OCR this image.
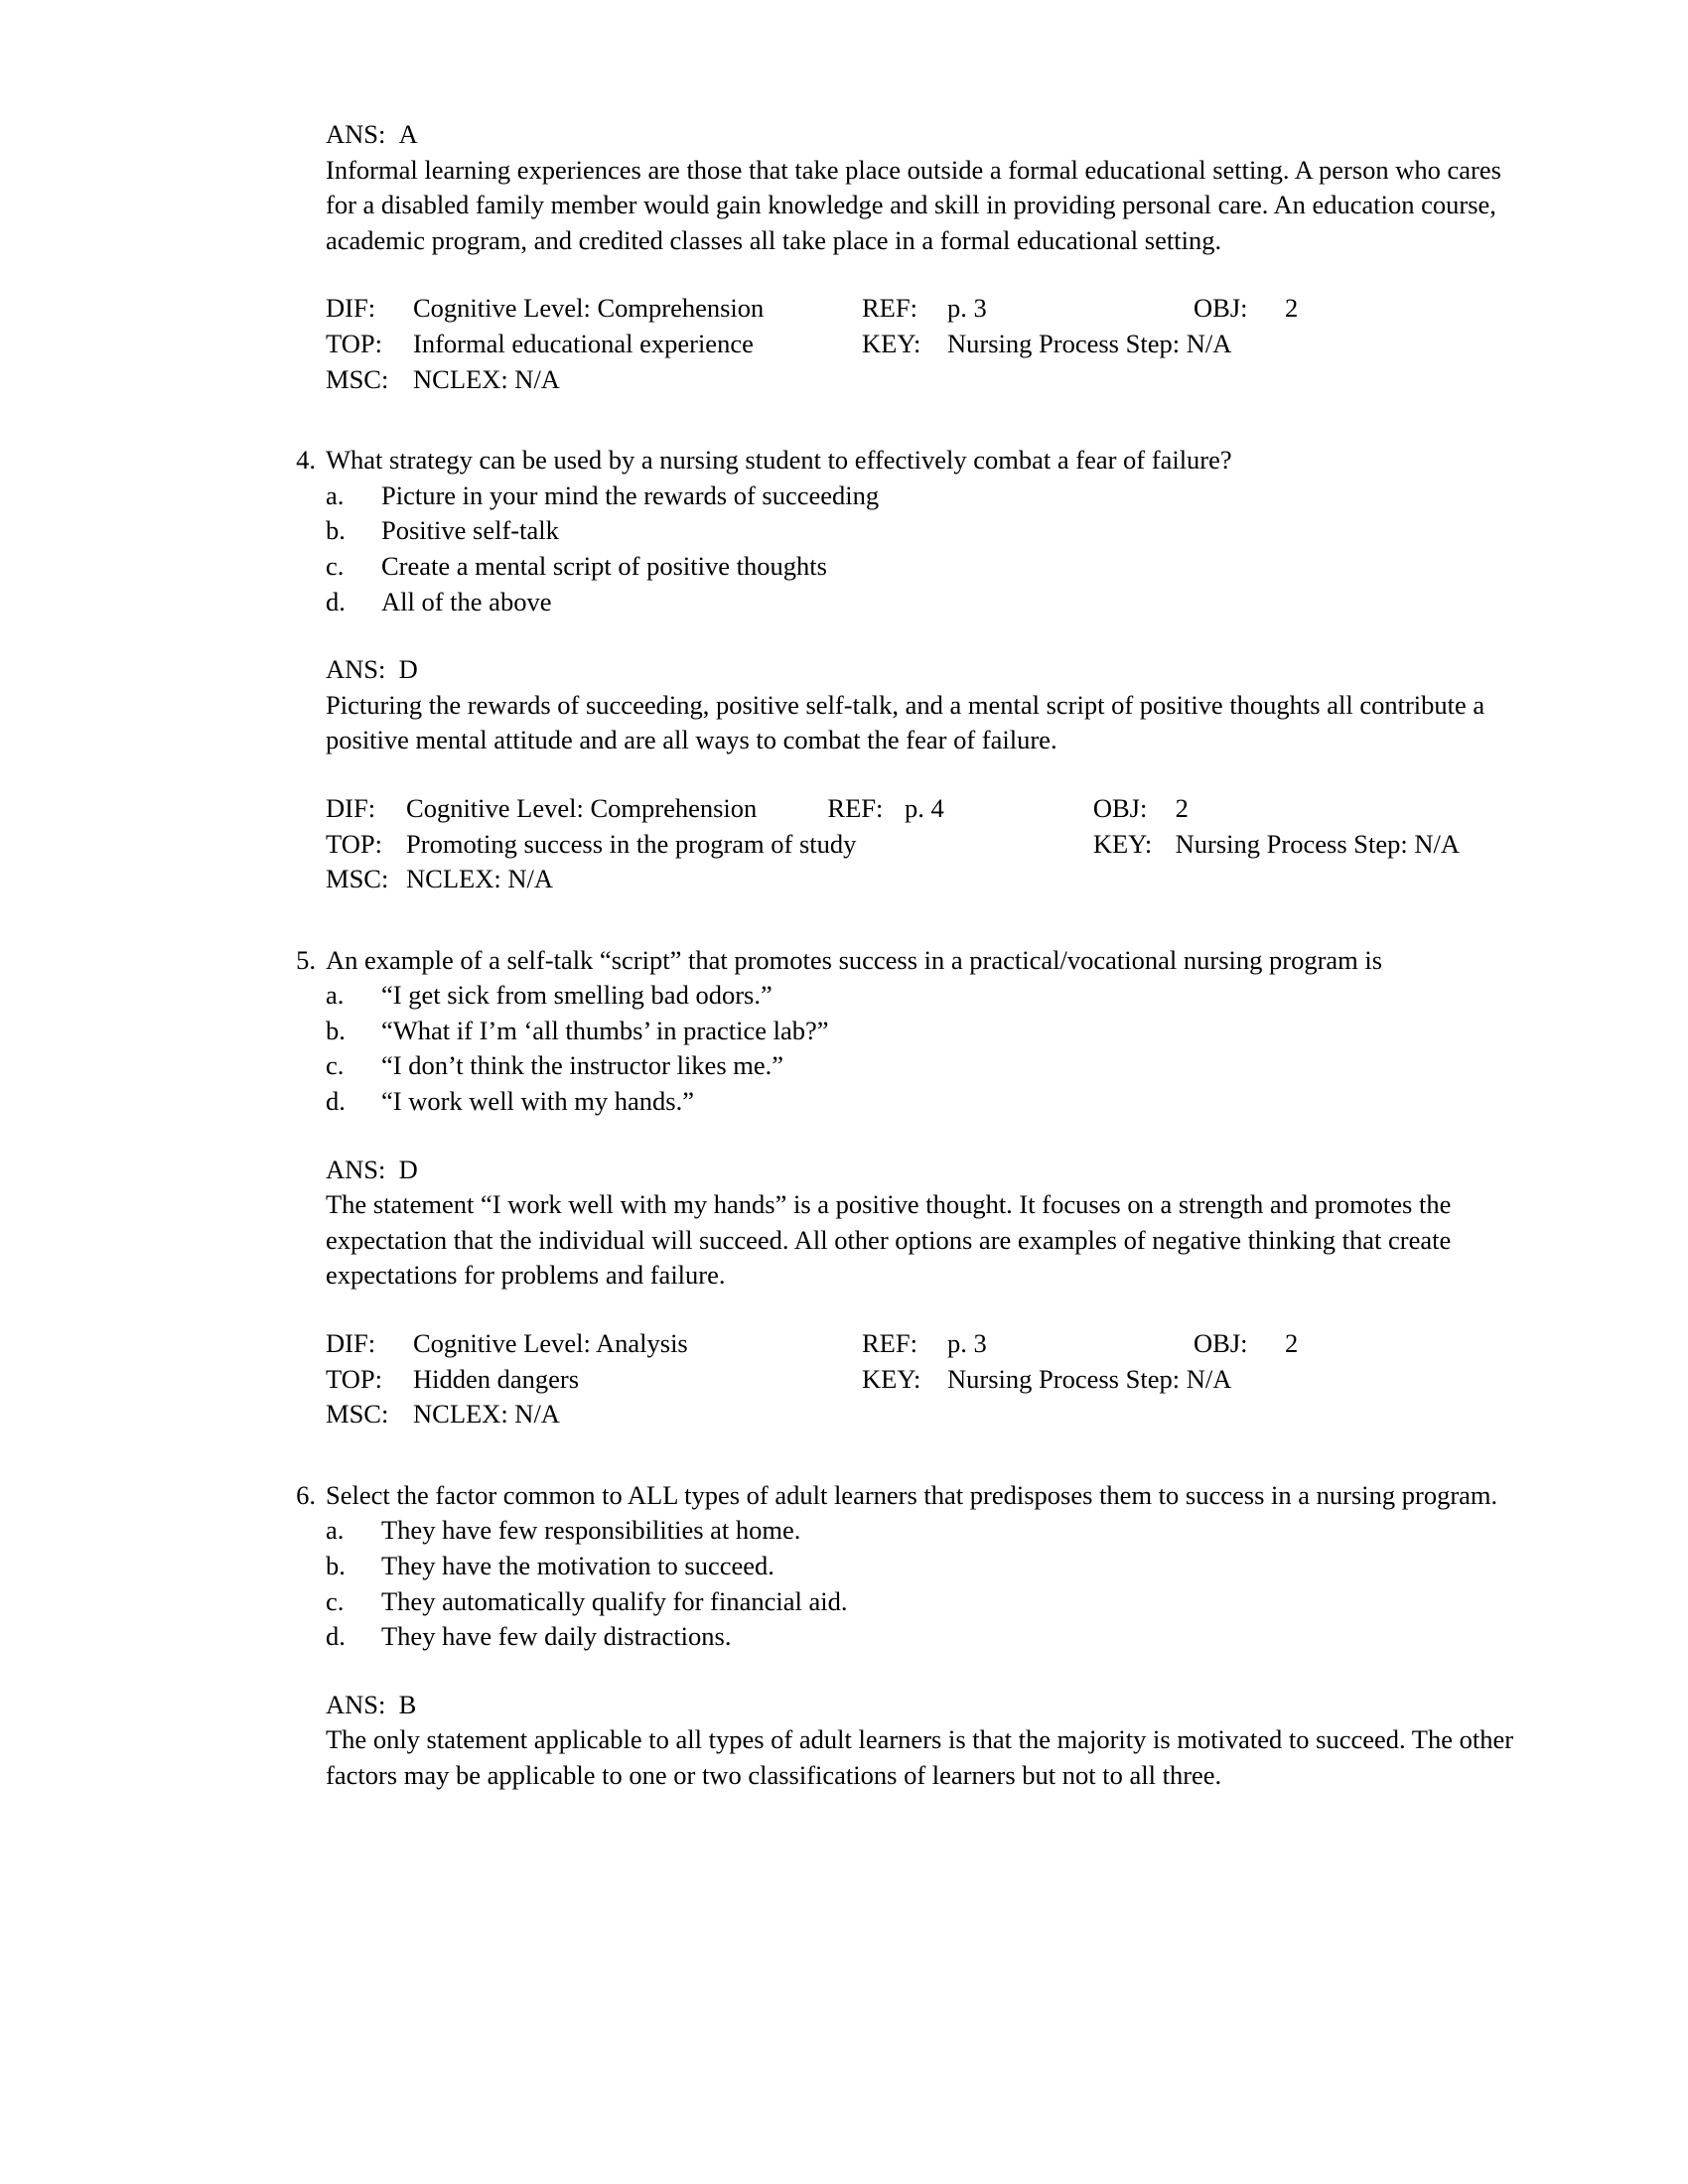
ANS: A
Informal learning experiences are those that take place outside a formal educational setting. A person who cares for a disabled family member would gain knowledge and skill in providing personal care. An education course, academic program, and credited classes all take place in a formal educational setting.
DIF:	Cognitive Level: Comprehension	REF:	p. 3	OBJ:	2
TOP:	Informal educational experience	KEY:	Nursing Process Step: N/A		
MSC:	NCLEX: N/A				
4. What strategy can be used by a nursing student to effectively combat a fear of failure?
a.	Picture in your mind the rewards of succeeding
b.	Positive self-talk
c.	Create a mental script of positive thoughts
d.	All of the above
ANS: D
Picturing the rewards of succeeding, positive self-talk, and a mental script of positive thoughts all contribute a positive mental attitude and are all ways to combat the fear of failure.
DIF:	Cognitive Level: Comprehension	REF:	p. 4	OBJ:	2
TOP:	Promoting success in the program of study			KEY:	Nursing Process Step: N/A
MSC:	NCLEX: N/A				
5. An example of a self-talk “script” that promotes success in a practical/vocational nursing program is
a.	“I get sick from smelling bad odors.”
b.	“What if I’m ‘all thumbs’ in practice lab?”
c.	“I don’t think the instructor likes me.”
d.	“I work well with my hands.”
ANS: D
The statement “I work well with my hands” is a positive thought. It focuses on a strength and promotes the expectation that the individual will succeed. All other options are examples of negative thinking that create expectations for problems and failure.
DIF:	Cognitive Level: Analysis	REF:	p. 3	OBJ:	2
TOP:	Hidden dangers	KEY:	Nursing Process Step: N/A		
MSC:	NCLEX: N/A				
6. Select the factor common to ALL types of adult learners that predisposes them to success in a nursing program.
a.	They have few responsibilities at home.
b.	They have the motivation to succeed.
c.	They automatically qualify for financial aid.
d.	They have few daily distractions.
ANS: B
The only statement applicable to all types of adult learners is that the majority is motivated to succeed. The other factors may be applicable to one or two classifications of learners but not to all three.
